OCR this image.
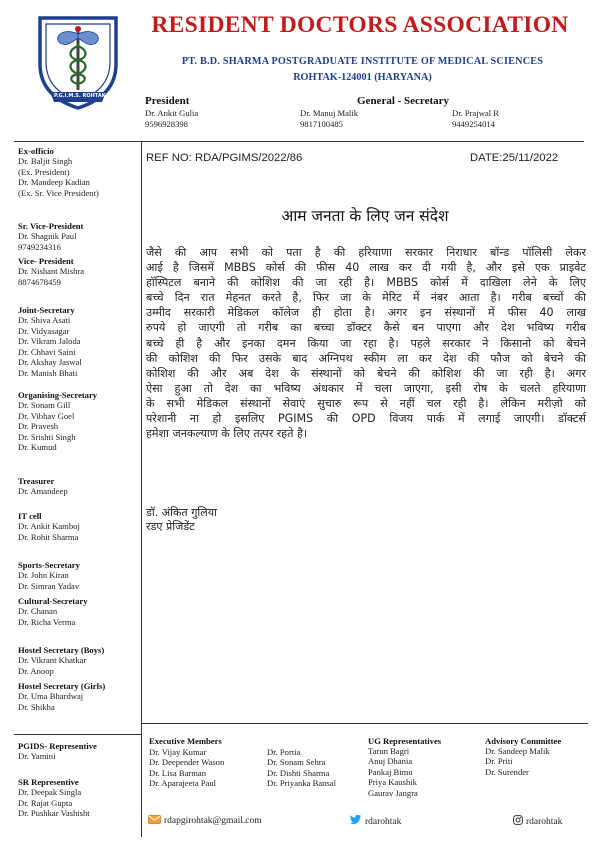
P.G.I.M.S. ROHTAK
RESIDENT DOCTORS ASSOCIATION
PT. B.D. SHARMA POSTGRADUATE INSTITUTE OF MEDICAL SCIENCES
ROHTAK-124001 (HARYANA)
President
Dr. Ankit Gulia
9596928398
General - Secretary
Dr. Manuj Malik
9817100485
Dr. Prajwal R
9449254014
Ex-officio
Dr. Baljit Singh
(Ex. President)
Dr. Mandeep Kadian
(Ex. Sr. Vice President)
Sr. Vice-President
Dr. Shagnik Paul
9749234316
Vice- President
Dr. Nishant Mishra
8874678459
Joint-Secretary
Dr. Shiva Asati
Dr. Vidyasagar
Dr. Vikram Jaloda
Dr. Chhavi Saini
Dr. Akshay Jaswal
Dr. Manish Bhati
Organising-Secretary
Dr. Sonam Gill
Dr. Vibhav Goel
Dr. Pravesh
Dr. Srishti Singh
Dr. Kumud
Treasurer
Dr. Amandeep
IT cell
Dr. Ankit Kamboj
Dr. Rohit Sharma
Sports-Secretary
Dr. John Kiran
Dr. Simran Yadav
Cultural-Secretary
Dr. Chanan
Dr. Richa Verma
Hostel Secretary (Boys)
Dr. Vikrant Khatkar
Dr. Anoop
Hostel Secretary (Girls)
Dr. Uma Bhardwaj
Dr. Shikha
PGIDS- Representive
Dr. Yamini
SR Representive
Dr. Deepak Singla
Dr. Rajat Gupta
Dr. Pushkar Vashisht
REF NO: RDA/PGIMS/2022/86	DATE:25/11/2022
आम जनता के लिए जन संदेश
जैसे की आप सभी को पता है की हरियाणा सरकार निराधार बॉन्ड पॉलिसी लेकर
आई है जिसमें MBBS कोर्स की फीस 40 लाख कर दी गयी है, और इसे एक प्राइवेट
हॉस्पिटल बनाने की कोशिश की जा रही है। MBBS कोर्स में दाखिला लेने के लिए
बच्चे दिन रात मेहनत करते है, फिर जा के मेरिट में नंबर आता है। गरीब बच्चों की
उम्मीद सरकारी मेडिकल कॉलेज ही होता है। अगर इन संस्थानों में फीस 40 लाख
रुपये हो जाएगी तो गरीब का बच्चा डॉक्टर कैसे बन पाएगा और देश भविष्य गरीब
बच्चे ही है और इनका दमन किया जा रहा है। पहले सरकार ने किसानो को बेचने
की कोशिश की फिर उसके बाद अग्निपथ स्कीम ला कर देश की फौज को बेचने की
कोशिश की और अब देश के संस्थानों को बेचने की कोशिश की जा रही है। अगर
ऐसा हुआ तो देश का भविष्य अंधकार में चला जाएगा, इसी रोष के चलते हरियाणा
के सभी मेडिकल संस्थानों सेवाएं सुचारु रूप से नहीं चल रही है। लेकिन मरीज़ो को
परेशानी ना हो इसलिए PGIMS की OPD विजय पार्क में लगाई जाएगी। डॉक्टर्स
हमेशा जनकल्याण के लिए तत्पर रहते है।
डॉ. अंकित गुलिया
रडए प्रेजिडेंट
Executive Members
Dr. Vijay Kumar
Dr. Deepender Wason
Dr. Lisa Barman
Dr. Aparajeeta Paul
Dr. Portia
Dr. Sonam Sehra
Dr. Dishti Sharma
Dr. Priyanka Bansal
UG Representatives
Tarun Bagri
Anuj Dhania
Pankaj Bimu
Priya Kaushik
Gaurav Jangra
Advisory Committee
Dr. Sandeep Malik
Dr. Priti
Dr. Surender
rdapgirohtak@gmail.com	rdarohtak	rdarohtak
